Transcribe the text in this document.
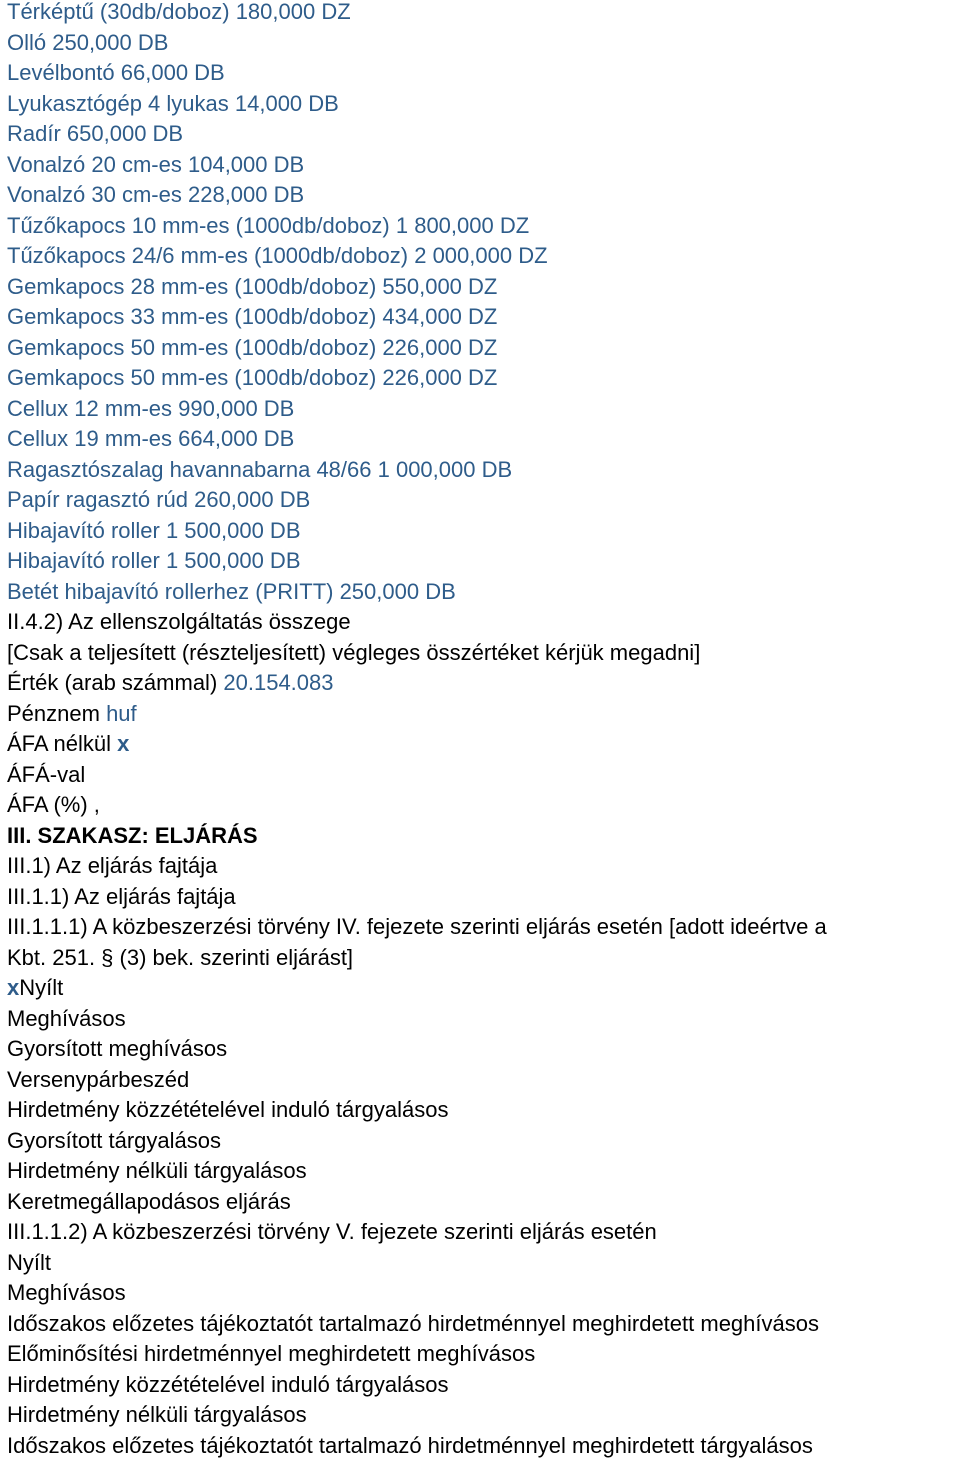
Térképtű (30db/doboz) 180,000 DZ
Olló 250,000 DB
Levélbontó 66,000 DB
Lyukasztógép 4 lyukas 14,000 DB
Radír 650,000 DB
Vonalzó 20 cm-es 104,000 DB
Vonalzó 30 cm-es 228,000 DB
Tűzőkapocs 10 mm-es (1000db/doboz) 1 800,000 DZ
Tűzőkapocs 24/6 mm-es (1000db/doboz) 2 000,000 DZ
Gemkapocs 28 mm-es (100db/doboz) 550,000 DZ
Gemkapocs 33 mm-es (100db/doboz) 434,000 DZ
Gemkapocs 50 mm-es (100db/doboz) 226,000 DZ
Gemkapocs 50 mm-es (100db/doboz) 226,000 DZ
Cellux 12 mm-es 990,000 DB
Cellux 19 mm-es 664,000 DB
Ragasztószalag havannabarna 48/66 1 000,000 DB
Papír ragasztó rúd 260,000 DB
Hibajavító roller 1 500,000 DB
Hibajavító roller 1 500,000 DB
Betét hibajavító rollerhez (PRITT) 250,000 DB
II.4.2) Az ellenszolgáltatás összege
[Csak a teljesített (részteljesített) végleges összértéket kérjük megadni]
Érték (arab számmal) 20.154.083
Pénznem huf
ÁFA nélkül x
ÁFÁ-val
ÁFA (%) ,
III. SZAKASZ: ELJÁRÁS
III.1) Az eljárás fajtája
III.1.1) Az eljárás fajtája
III.1.1.1) A közbeszerzési törvény IV. fejezete szerinti eljárás esetén [adott ideértve a
Kbt. 251. § (3) bek. szerinti eljárást]
xNyílt
Meghívásos
Gyorsított meghívásos
Versenypárbeszéd
Hirdetmény közzétételével induló tárgyalásos
Gyorsított tárgyalásos
Hirdetmény nélküli tárgyalásos
Keretmegállapodásos eljárás
III.1.1.2) A közbeszerzési törvény V. fejezete szerinti eljárás esetén
Nyílt
Meghívásos
Időszakos előzetes tájékoztatót tartalmazó hirdetménnyel meghirdetett meghívásos
Előminősítési hirdetménnyel meghirdetett meghívásos
Hirdetmény közzétételével induló tárgyalásos
Hirdetmény nélküli tárgyalásos
Időszakos előzetes tájékoztatót tartalmazó hirdetménnyel meghirdetett tárgyalásos
